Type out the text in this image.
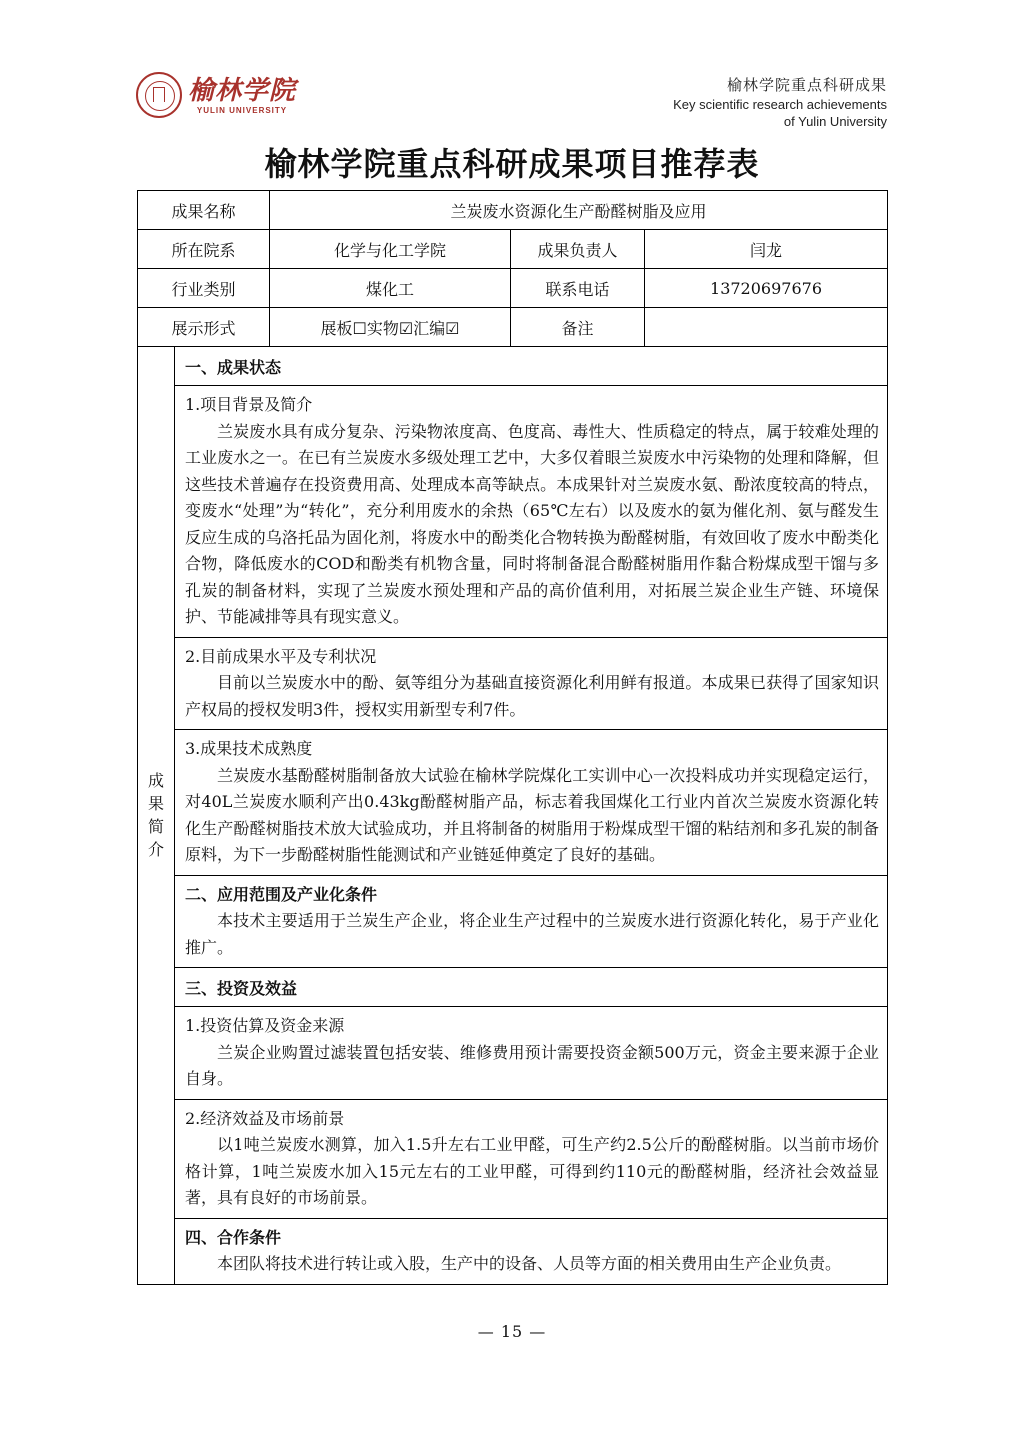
榆林学院
YULIN UNIVERSITY
榆林学院重点科研成果
Key scientific research achievements
of Yulin University
榆林学院重点科研成果项目推荐表
成果名称		兰炭废水资源化生产酚醛树脂及应用		
所在院系		化学与化工学院	成果负责人	闫龙
行业类别		煤化工	联系电话	13720697676
展示形式		展板☐实物☑汇编☑	备注	

成
果
简
介	一、成果状态			

	1.项目背景及简介
兰炭废水具有成分复杂、污染物浓度高、色度高、毒性大、性质稳定的特点，属于较难处理的工业废水之一。在已有兰炭废水多级处理工艺中，大多仅着眼兰炭废水中污染物的处理和降解，但这些技术普遍存在投资费用高、处理成本高等缺点。本成果针对兰炭废水氨、酚浓度较高的特点，变废水“处理”为“转化”，充分利用废水的余热（65℃左右）以及废水的氨为催化剂、氨与醛发生反应生成的乌洛托品为固化剂，将废水中的酚类化合物转换为酚醛树脂，有效回收了废水中酚类化合物，降低废水的COD和酚类有机物含量，同时将制备混合酚醛树脂用作黏合粉煤成型干馏与多孔炭的制备材料，实现了兰炭废水预处理和产品的高价值利用，对拓展兰炭企业生产链、环境保护、节能减排等具有现实意义。			

	2.目前成果水平及专利状况
目前以兰炭废水中的酚、氨等组分为基础直接资源化利用鲜有报道。本成果已获得了国家知识产权局的授权发明3件，授权实用新型专利7件。			

	3.成果技术成熟度
兰炭废水基酚醛树脂制备放大试验在榆林学院煤化工实训中心一次投料成功并实现稳定运行，对40L兰炭废水顺利产出0.43kg酚醛树脂产品，标志着我国煤化工行业内首次兰炭废水资源化转化生产酚醛树脂技术放大试验成功，并且将制备的树脂用于粉煤成型干馏的粘结剂和多孔炭的制备原料，为下一步酚醛树脂性能测试和产业链延伸奠定了良好的基础。			

	二、应用范围及产业化条件
本技术主要适用于兰炭生产企业，将企业生产过程中的兰炭废水进行资源化转化，易于产业化推广。			

	三、投资及效益			

	1.投资估算及资金来源
兰炭企业购置过滤装置包括安装、维修费用预计需要投资金额500万元，资金主要来源于企业自身。			

	2.经济效益及市场前景
以1吨兰炭废水测算，加入1.5升左右工业甲醛，可生产约2.5公斤的酚醛树脂。以当前市场价格计算，1吨兰炭废水加入15元左右的工业甲醛，可得到约110元的酚醛树脂，经济社会效益显著，具有良好的市场前景。			

	四、合作条件
本团队将技术进行转让或入股，生产中的设备、人员等方面的相关费用由生产企业负责。			
— 15 —
